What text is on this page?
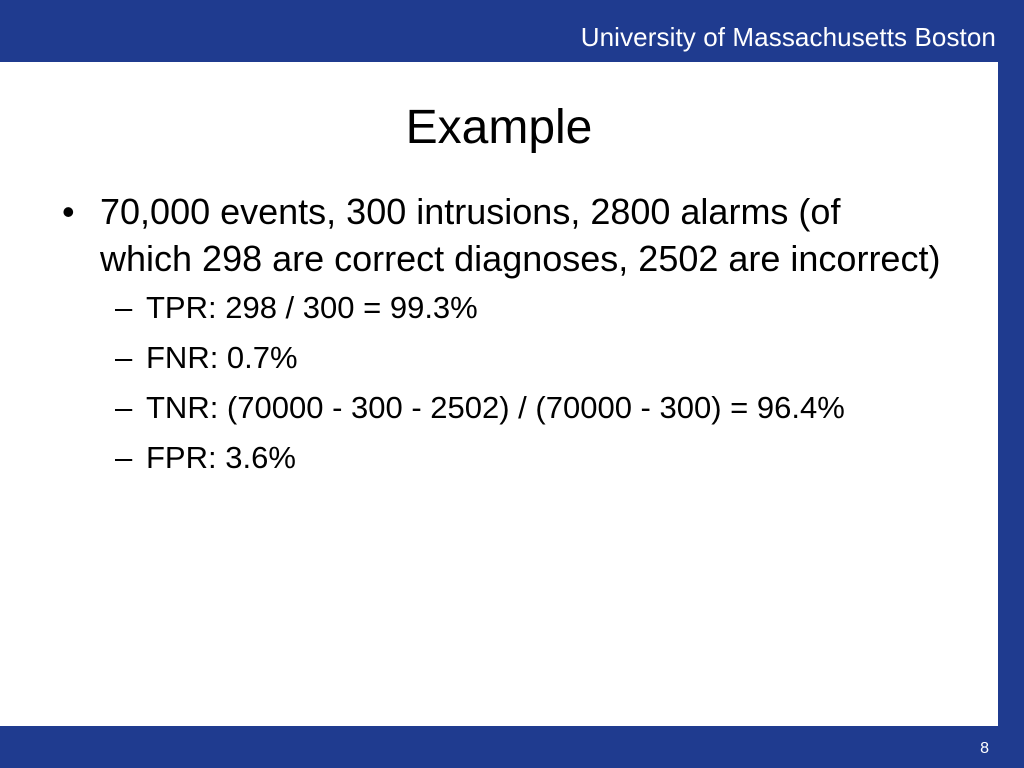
University of Massachusetts Boston
Example
• 70,000 events, 300 intrusions, 2800 alarms (of which 298 are correct diagnoses, 2502 are incorrect)
– TPR: 298 / 300 = 99.3%
– FNR: 0.7%
– TNR: (70000 - 300 - 2502) / (70000 - 300) = 96.4%
– FPR: 3.6%
8
